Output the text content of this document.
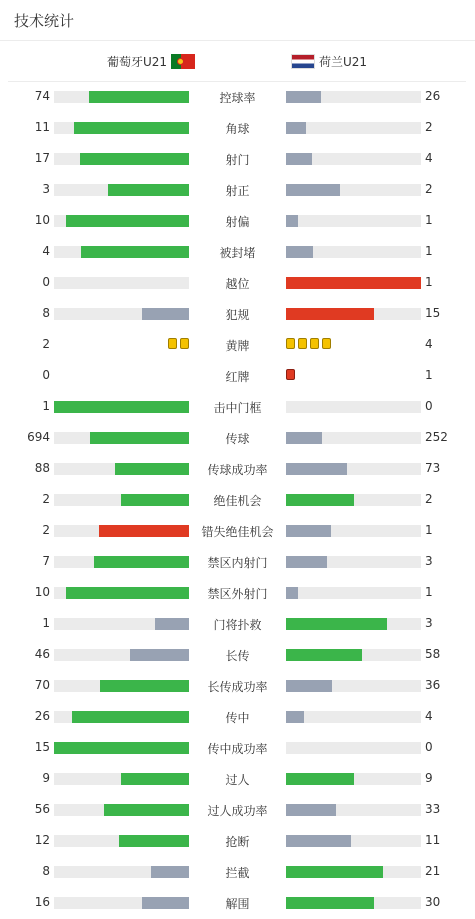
技术统计
葡萄牙U21	荷兰U21
74	控球率	26
11	角球	2
17	射门	4
3	射正	2
10	射偏	1
4	被封堵	1
0	越位	1
8	犯规	15
2	黄牌	4
0	红牌	1
1	击中门框	0
694	传球	252
88	传球成功率	73
2	绝佳机会	2
2	错失绝佳机会	1
7	禁区内射门	3
10	禁区外射门	1
1	门将扑救	3
46	长传	58
70	长传成功率	36
26	传中	4
15	传中成功率	0
9	过人	9
56	过人成功率	33
12	抢断	11
8	拦截	21
16	解围	30
